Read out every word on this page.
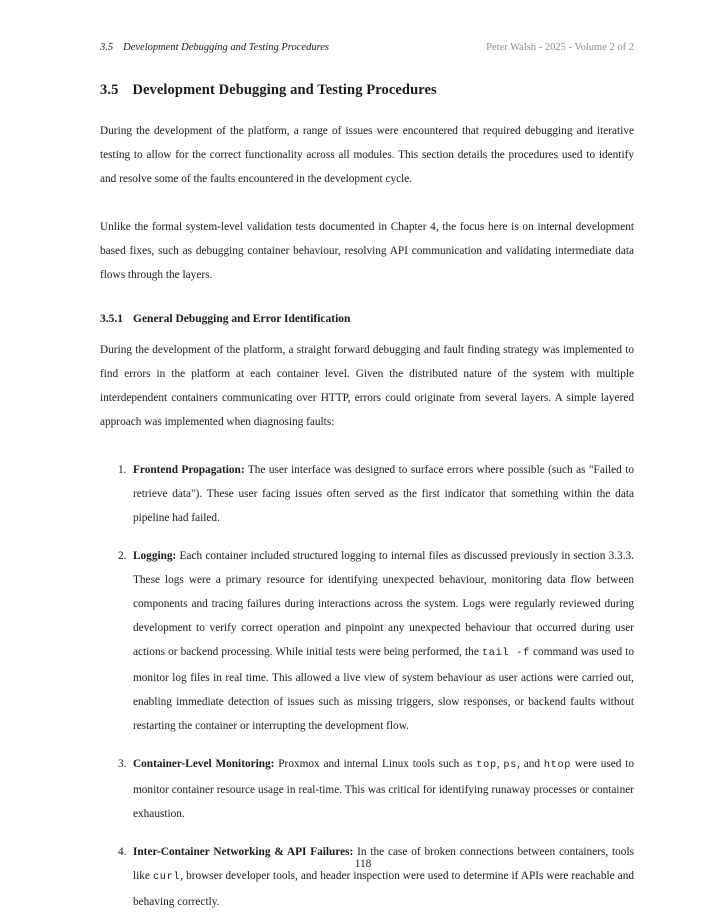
3.5 Development Debugging and Testing Procedures	Peter Walsh - 2025 - Volume 2 of 2
3.5 Development Debugging and Testing Procedures

During the development of the platform, a range of issues were encountered that required debugging and iterative testing to allow for the correct functionality across all modules. This section details the procedures used to identify and resolve some of the faults encountered in the development cycle.

Unlike the formal system-level validation tests documented in Chapter 4, the focus here is on internal development based fixes, such as debugging container behaviour, resolving API communication and validating intermediate data flows through the layers.

3.5.1 General Debugging and Error Identification

During the development of the platform, a straight forward debugging and fault finding strategy was implemented to find errors in the platform at each container level. Given the distributed nature of the system with multiple interdependent containers communicating over HTTP, errors could originate from several layers. A simple layered approach was implemented when diagnosing faults:

1. Frontend Propagation: The user interface was designed to surface errors where possible (such as "Failed to retrieve data"). These user facing issues often served as the first indicator that something within the data pipeline had failed.
2. Logging: Each container included structured logging to internal files as discussed previously in section 3.3.3. These logs were a primary resource for identifying unexpected behaviour, monitoring data flow between components and tracing failures during interactions across the system. Logs were regularly reviewed during development to verify correct operation and pinpoint any unexpected behaviour that occurred during user actions or backend processing. While initial tests were being performed, the tail -f command was used to monitor log files in real time. This allowed a live view of system behaviour as user actions were carried out, enabling immediate detection of issues such as missing triggers, slow responses, or backend faults without restarting the container or interrupting the development flow.
3. Container-Level Monitoring: Proxmox and internal Linux tools such as top, ps, and htop were used to monitor container resource usage in real-time. This was critical for identifying runaway processes or container exhaustion.
4. Inter-Container Networking & API Failures: In the case of broken connections between containers, tools like curl, browser developer tools, and header inspection were used to determine if APIs were reachable and behaving correctly.
118
